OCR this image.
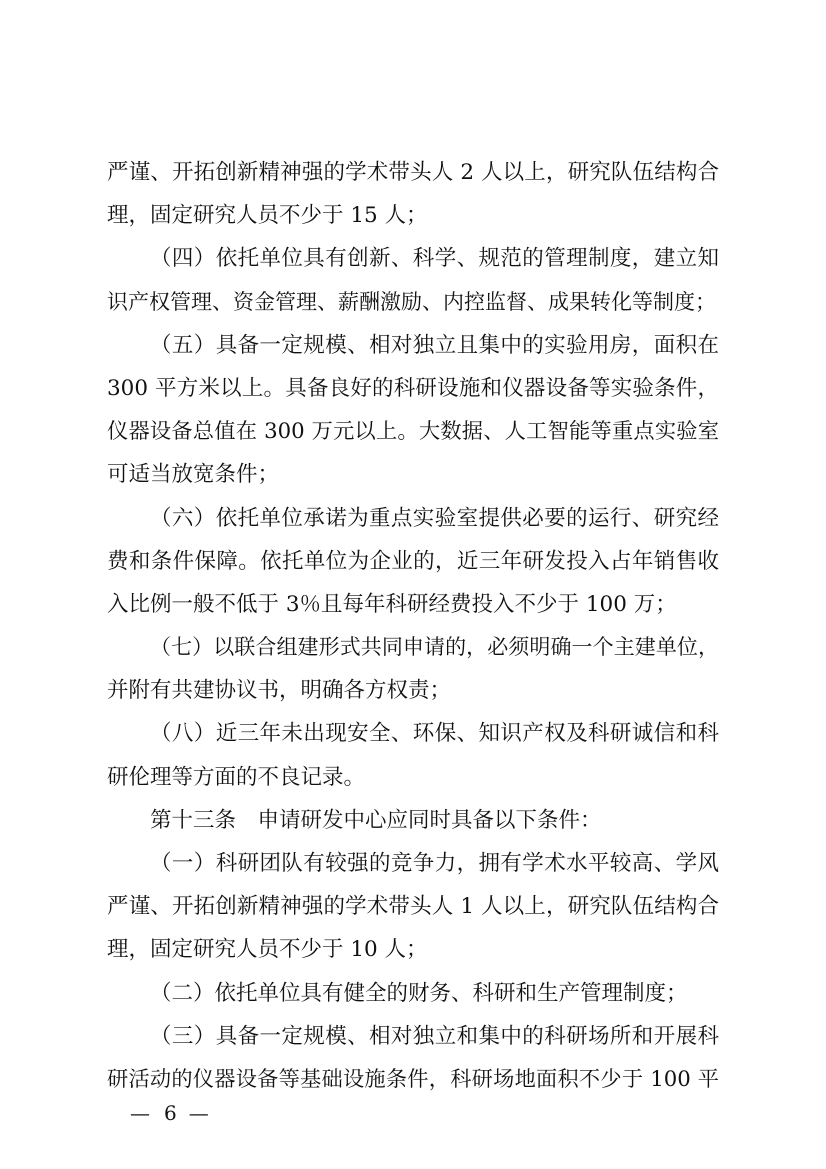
严谨、开拓创新精神强的学术带头人 2 人以上，研究队伍结构合
理，固定研究人员不少于 15 人；
（四）依托单位具有创新、科学、规范的管理制度，建立知
识产权管理、资金管理、薪酬激励、内控监督、成果转化等制度；
（五）具备一定规模、相对独立且集中的实验用房，面积在
300 平方米以上。具备良好的科研设施和仪器设备等实验条件，
仪器设备总值在 300 万元以上。大数据、人工智能等重点实验室
可适当放宽条件；
（六）依托单位承诺为重点实验室提供必要的运行、研究经
费和条件保障。依托单位为企业的，近三年研发投入占年销售收
入比例一般不低于 3％且每年科研经费投入不少于 100 万；
（七）以联合组建形式共同申请的，必须明确一个主建单位，
并附有共建协议书，明确各方权责；
（八）近三年未出现安全、环保、知识产权及科研诚信和科
研伦理等方面的不良记录。
第十三条　申请研发中心应同时具备以下条件：
（一）科研团队有较强的竞争力，拥有学术水平较高、学风
严谨、开拓创新精神强的学术带头人 1 人以上，研究队伍结构合
理，固定研究人员不少于 10 人；
（二）依托单位具有健全的财务、科研和生产管理制度；
（三）具备一定规模、相对独立和集中的科研场所和开展科
研活动的仪器设备等基础设施条件，科研场地面积不少于 100 平
— 6 —
